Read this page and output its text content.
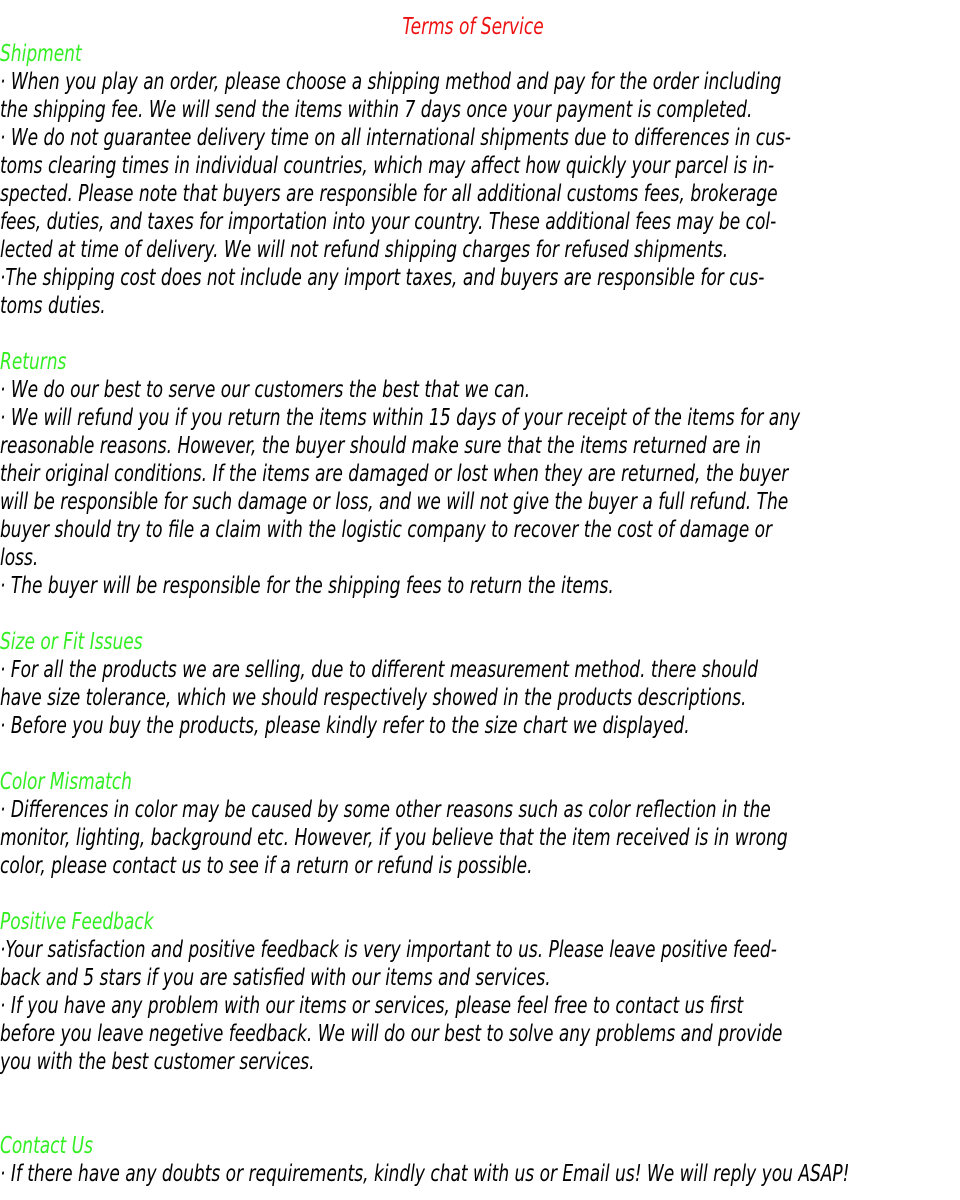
Terms of Service
Shipment
· When you play an order, please choose a shipping method and pay for the order including
the shipping fee. We will send the items within 7 days once your payment is completed.
· We do not guarantee delivery time on all international shipments due to differences in cus-
toms clearing times in individual countries, which may affect how quickly your parcel is in-
spected. Please note that buyers are responsible for all additional customs fees, brokerage
fees, duties, and taxes for importation into your country. These additional fees may be col-
lected at time of delivery. We will not refund shipping charges for refused shipments.
·The shipping cost does not include any import taxes, and buyers are responsible for cus-
toms duties.
Returns
· We do our best to serve our customers the best that we can.
· We will refund you if you return the items within 15 days of your receipt of the items for any
reasonable reasons. However, the buyer should make sure that the items returned are in
their original conditions. If the items are damaged or lost when they are returned, the buyer
will be responsible for such damage or loss, and we will not give the buyer a full refund. The
buyer should try to file a claim with the logistic company to recover the cost of damage or
loss.
· The buyer will be responsible for the shipping fees to return the items.
Size or Fit Issues
· For all the products we are selling, due to different measurement method. there should
have size tolerance, which we should respectively showed in the products descriptions.
· Before you buy the products, please kindly refer to the size chart we displayed.
Color Mismatch
· Differences in color may be caused by some other reasons such as color reflection in the
monitor, lighting, background etc. However, if you believe that the item received is in wrong
color, please contact us to see if a return or refund is possible.
Positive Feedback
·Your satisfaction and positive feedback is very important to us. Please leave positive feed-
back and 5 stars if you are satisfied with our items and services.
· If you have any problem with our items or services, please feel free to contact us first
before you leave negetive feedback. We will do our best to solve any problems and provide
you with the best customer services.
Contact Us
· If there have any doubts or requirements, kindly chat with us or Email us! We will reply you ASAP!
